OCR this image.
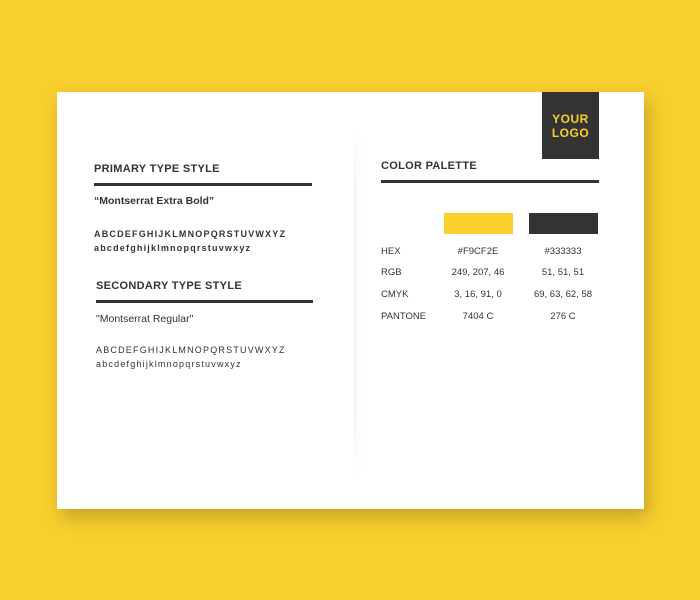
YOUR
LOGO
PRIMARY TYPE STYLE
“Montserrat Extra Bold”
ABCDEFGHIJKLMNOPQRSTUVWXYZ
abcdefghijklmnopqrstuvwxyz
SECONDARY TYPE STYLE
"Montserrat Regular"
ABCDEFGHIJKLMNOPQRSTUVWXYZ
abcdefghijklmnopqrstuvwxyz
COLOR PALETTE
HEX
RGB
CMYK
PANTONE
#F9CF2E
249, 207, 46
3, 16, 91, 0
7404 C
#333333
51, 51, 51
69, 63, 62, 58
276 C
